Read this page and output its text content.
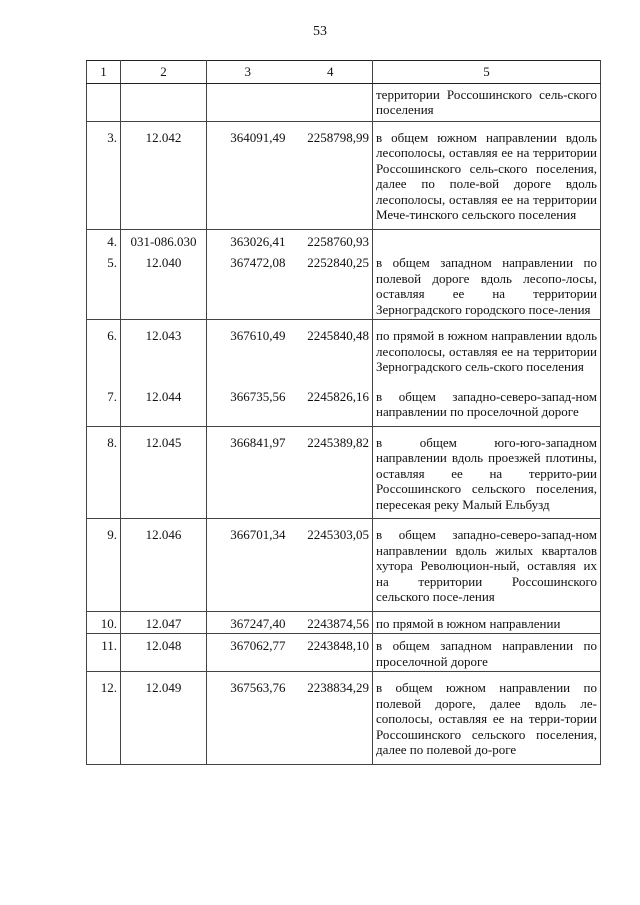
53
1	2	3	4	5
				территории Россошинского сель-ского поселения
3.	12.042	364091,49	2258798,99	в общем южном направлении вдоль лесополосы, оставляя ее на территории Россошинского сель-ского поселения, далее по поле-вой дороге вдоль лесополосы, оставляя ее на территории Мече-тинского сельского поселения
4.	031-086.030	363026,41	2258760,93	
5.	12.040	367472,08	2252840,25	в общем западном направлении по полевой дороге вдоль лесопо-лосы, оставляя ее на территории Зерноградского городского посе-ления
6.	12.043	367610,49	2245840,48	по прямой в южном направлении вдоль лесополосы, оставляя ее на территории Зерноградского сель-ского поселения
7.	12.044	366735,56	2245826,16	в общем западно-северо-запад-ном направлении по проселочной дороге
8.	12.045	366841,97	2245389,82	в общем юго-юго-западном направлении вдоль проезжей плотины, оставляя ее на террито-рии Россошинского сельского поселения, пересекая реку Малый Ельбузд
9.	12.046	366701,34	2245303,05	в общем западно-северо-запад-ном направлении вдоль жилых кварталов хутора Революцион-ный, оставляя их на территории Россошинского сельского посе-ления
10.	12.047	367247,40	2243874,56	по прямой в южном направлении
11.	12.048	367062,77	2243848,10	в общем западном направлении по проселочной дороге
12.	12.049	367563,76	2238834,29	в общем южном направлении по полевой дороге, далее вдоль ле-сополосы, оставляя ее на терри-тории Россошинского сельского поселения, далее по полевой до-роге
